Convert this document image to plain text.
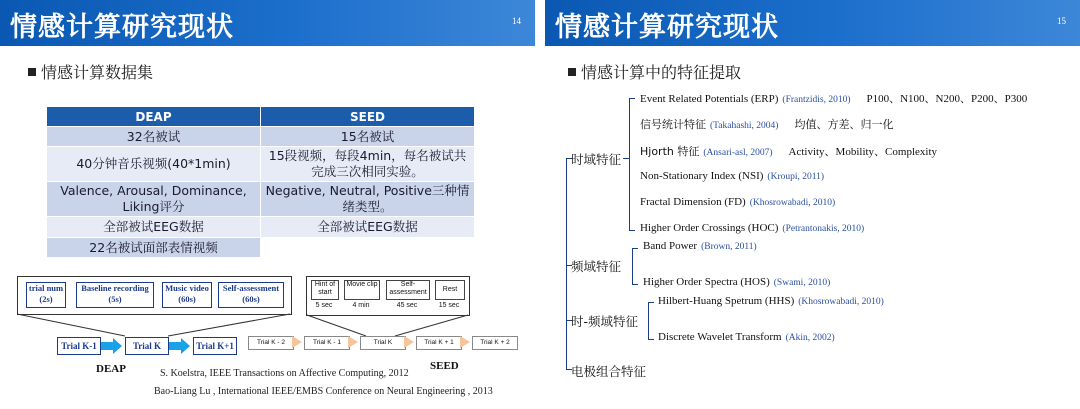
情感计算研究现状	14
情感计算数据集
DEAP	SEED
32名被试	15名被试
40分钟音乐视频(40*1min)	15段视频，每段4min，每名被试共完成三次相同实验。
Valence, Arousal, Dominance, Liking评分	Negative, Neutral, Positive三种情绪类型。
全部被试EEG数据	全部被试EEG数据
22名被试面部表情视频	
trial num (2s)
Baseline recording (5s)
Music video (60s)
Self-assessment (60s)
Trial K-1	Trial K	Trial K+1
DEAP
Hint of start
Movie clip	Self-assessment	Rest
5 sec	4 min	45 sec	15 sec
Trial K - 2	Trial K - 1	Trial K	Trial K + 1	Trial K + 2
SEED
S. Koelstra, IEEE Transactions on Affective Computing, 2012
Bao-Liang Lu , International IEEE/EMBS Conference on Neural Engineering , 2013
情感计算研究现状	15
情感计算中的特征提取
时域特征
Event Related Potentials (ERP) (Frantzidis, 2010) P100、N100、N200、P200、P300
信号统计特征 (Takahashi, 2004) 均值、方差、归一化
Hjorth 特征 (Ansari-asl, 2007) Activity、Mobility、Complexity
Non-Stationary Index (NSI) (Kroupi, 2011)
Fractal Dimension (FD) (Khosrowabadi, 2010)
Higher Order Crossings (HOC) (Petrantonakis, 2010)
频域特征
Band Power (Brown, 2011)
Higher Order Spectra (HOS) (Swami, 2010)
时-频域特征
Hilbert-Huang Spetrum (HHS) (Khosrowabadi, 2010)
Discrete Wavelet Transform (Akin, 2002)
电极组合特征
